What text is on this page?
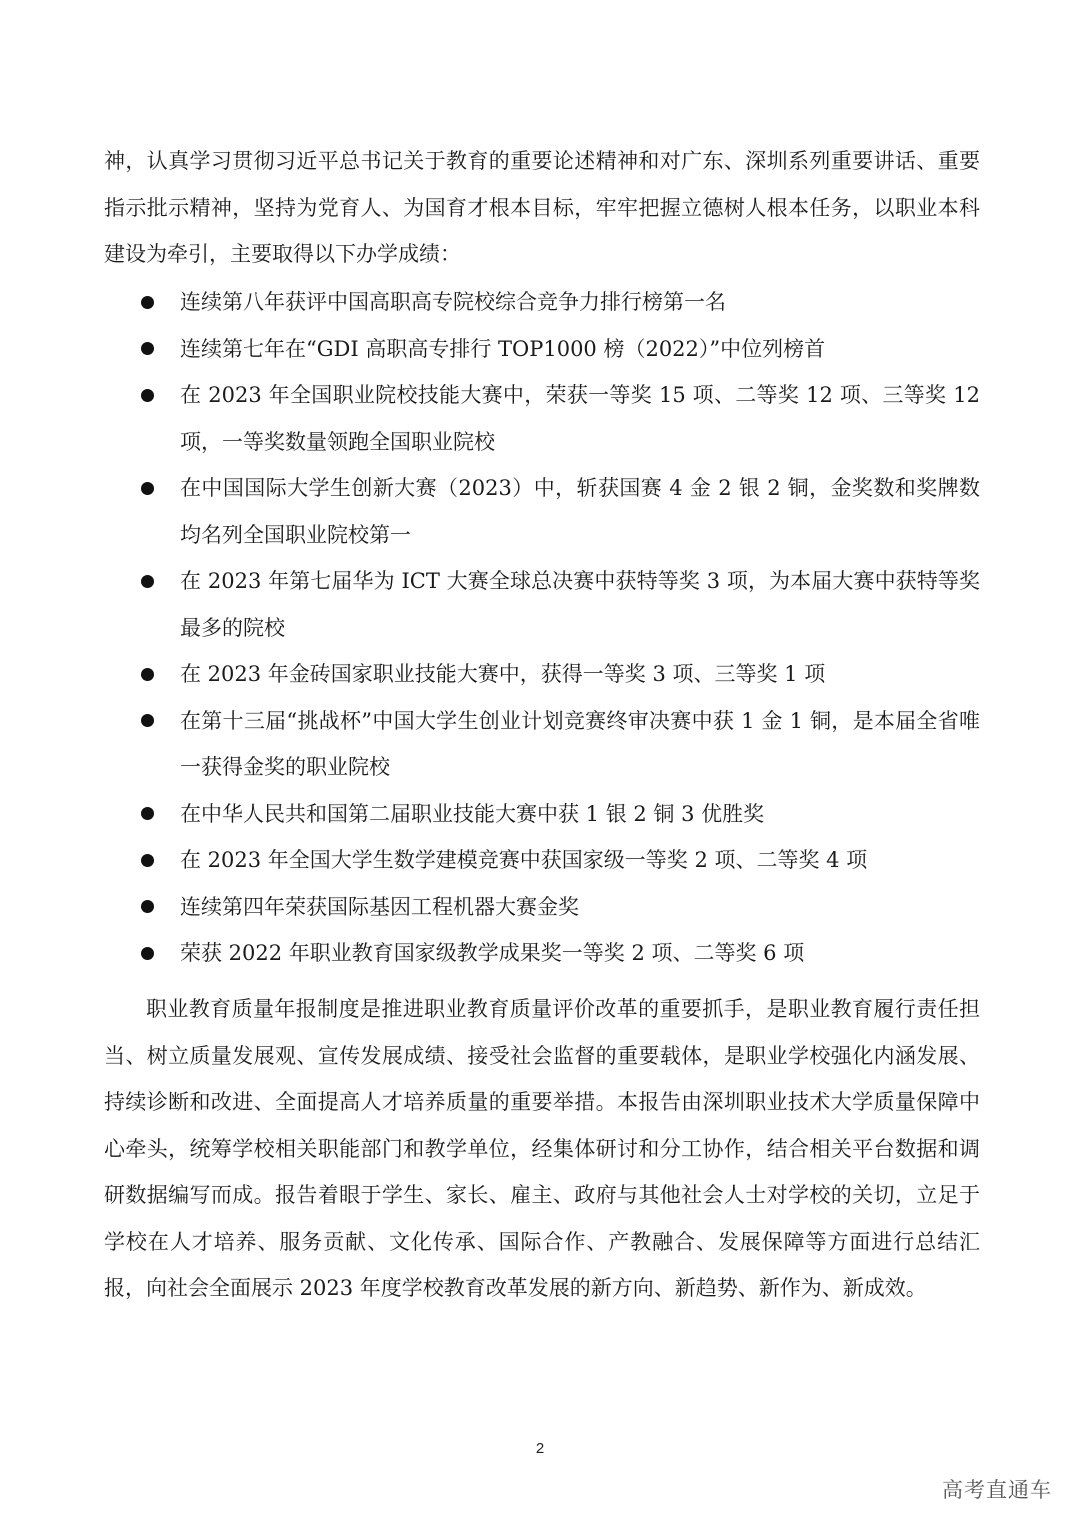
神，认真学习贯彻习近平总书记关于教育的重要论述精神和对广东、深圳系列重要讲话、重要指示批示精神，坚持为党育人、为国育才根本目标，牢牢把握立德树人根本任务，以职业本科建设为牵引，主要取得以下办学成绩：

连续第八年获评中国高职高专院校综合竞争力排行榜第一名
连续第七年在“GDI 高职高专排行 TOP1000 榜（2022）”中位列榜首
在 2023 年全国职业院校技能大赛中，荣获一等奖 15 项、二等奖 12 项、三等奖 12 项，一等奖数量领跑全国职业院校
在中国国际大学生创新大赛（2023）中，斩获国赛 4 金 2 银 2 铜，金奖数和奖牌数均名列全国职业院校第一
在 2023 年第七届华为 ICT 大赛全球总决赛中获特等奖 3 项，为本届大赛中获特等奖最多的院校
在 2023 年金砖国家职业技能大赛中，获得一等奖 3 项、三等奖 1 项
在第十三届“挑战杯”中国大学生创业计划竞赛终审决赛中获 1 金 1 铜，是本届全省唯一获得金奖的职业院校
在中华人民共和国第二届职业技能大赛中获 1 银 2 铜 3 优胜奖
在 2023 年全国大学生数学建模竞赛中获国家级一等奖 2 项、二等奖 4 项
连续第四年荣获国际基因工程机器大赛金奖
荣获 2022 年职业教育国家级教学成果奖一等奖 2 项、二等奖 6 项

职业教育质量年报制度是推进职业教育质量评价改革的重要抓手，是职业教育履行责任担当、树立质量发展观、宣传发展成绩、接受社会监督的重要载体，是职业学校强化内涵发展、持续诊断和改进、全面提高人才培养质量的重要举措。本报告由深圳职业技术大学质量保障中心牵头，统筹学校相关职能部门和教学单位，经集体研讨和分工协作，结合相关平台数据和调研数据编写而成。报告着眼于学生、家长、雇主、政府与其他社会人士对学校的关切，立足于学校在人才培养、服务贡献、文化传承、国际合作、产教融合、发展保障等方面进行总结汇报，向社会全面展示 2023 年度学校教育改革发展的新方向、新趋势、新作为、新成效。

2
高考直通车
